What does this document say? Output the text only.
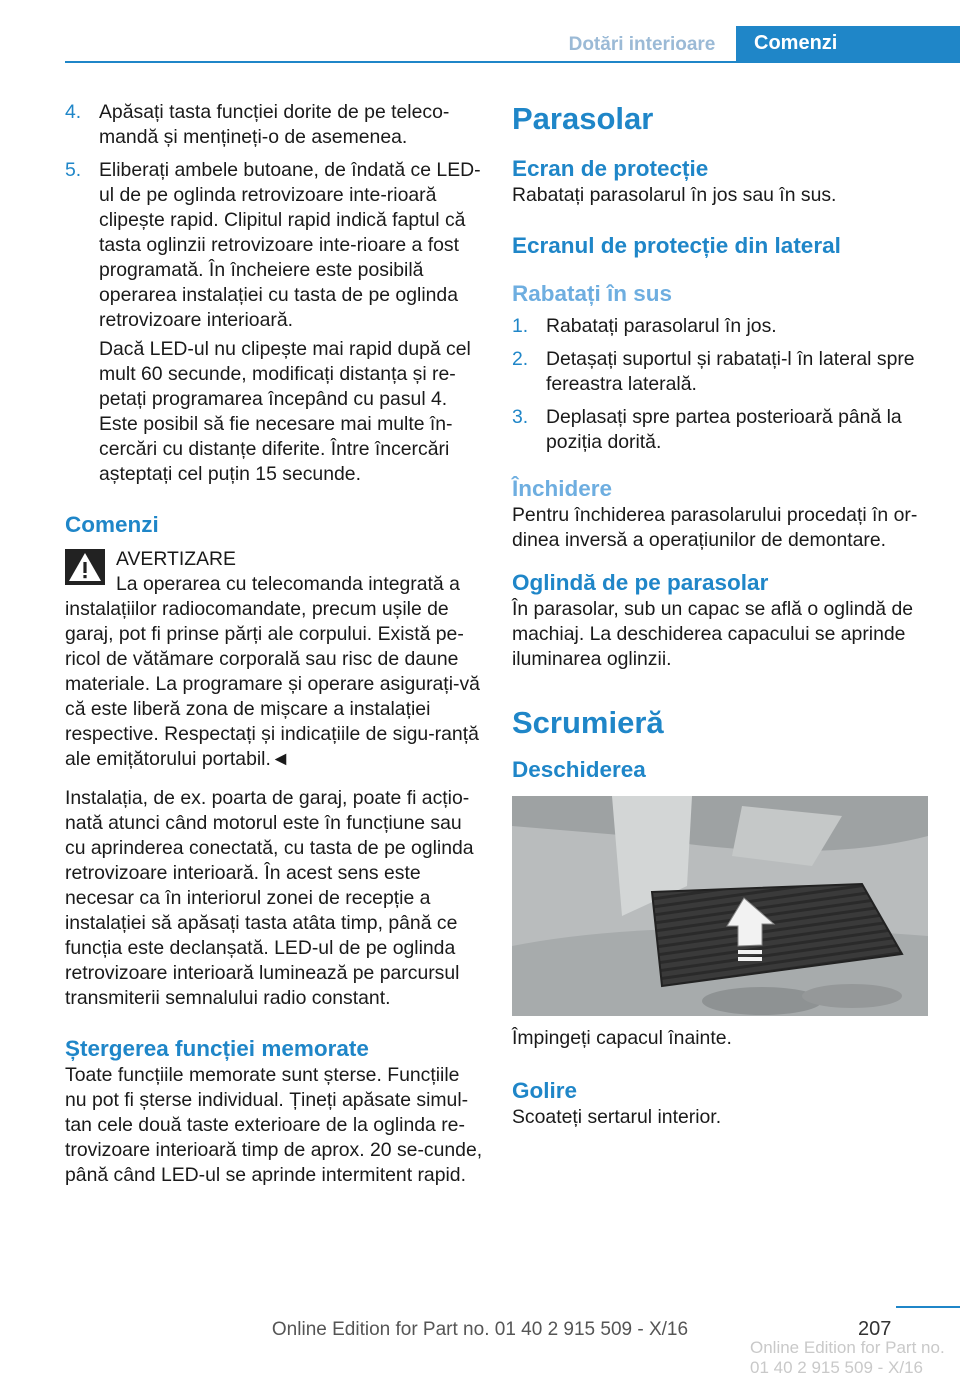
Dotări interioare	Comenzi
4. Apăsați tasta funcției dorite de pe teleco-mandă și mențineți-o de asemenea.

5. Eliberați ambele butoane, de îndată ce LED-ul de pe oglinda retrovizoare inte-rioară clipește rapid. Clipitul rapid indică faptul că tasta oglinzii retrovizoare inte-rioare a fost programată. În încheiere este posibilă operarea instalației cu tasta de pe oglinda retrovizoare interioară.

Dacă LED-ul nu clipește mai rapid după cel mult 60 secunde, modificați distanța și re-petați programarea începând cu pasul 4. Este posibil să fie necesare mai multe în-cercări cu distanțe diferite. Între încercări așteptați cel puțin 15 secunde.

Comenzi

AVERTIZARE

La operarea cu telecomanda integrată a

instalațiilor radiocomandate, precum ușile de garaj, pot fi prinse părți ale corpului. Există pe-ricol de vătămare corporală sau risc de daune materiale. La programare și operare asigurați-vă că este liberă zona de mișcare a instalației respective. Respectați și indicațiile de sigu-ranță ale emițătorului portabil.◄

Instalația, de ex. poarta de garaj, poate fi acțio-nată atunci când motorul este în funcțiune sau cu aprinderea conectată, cu tasta de pe oglinda retrovizoare interioară. În acest sens este necesar ca în interiorul zonei de recepție a instalației să apăsați tasta atâta timp, până ce funcția este declanșată. LED-ul de pe oglinda retrovizoare interioară luminează pe parcursul transmiterii semnalului radio constant.

Ștergerea funcției memorate

Toate funcțiile memorate sunt șterse. Funcțiile nu pot fi șterse individual. Țineți apăsate simul-tan cele două taste exterioare de la oglinda re-trovizoare interioară timp de aprox. 20 se-cunde, până când LED-ul se aprinde intermitent rapid.

Parasolar
Ecran de protecție

Rabatați parasolarul în jos sau în sus.

Ecranul de protecție din lateral
Rabatați în sus
1. Rabatați parasolarul în jos.

2. Detașați suportul și rabatați-l în lateral spre fereastra laterală.

3. Deplasați spre partea posterioară până la poziția dorită.

Închidere

Pentru închiderea parasolarului procedați în or-dinea inversă a operațiunilor de demontare.

Oglindă de pe parasolar

În parasolar, sub un capac se află o oglindă de machiaj. La deschiderea capacului se aprinde iluminarea oglinzii.

Scrumieră
Deschiderea

Împingeți capacul înainte.

Golire

Scoateți sertarul interior.

207
Online Edition for Part no. 01 40 2 915 509 - X/16
Online Edition for Part no. 01 40 2 915 509 - X/16
